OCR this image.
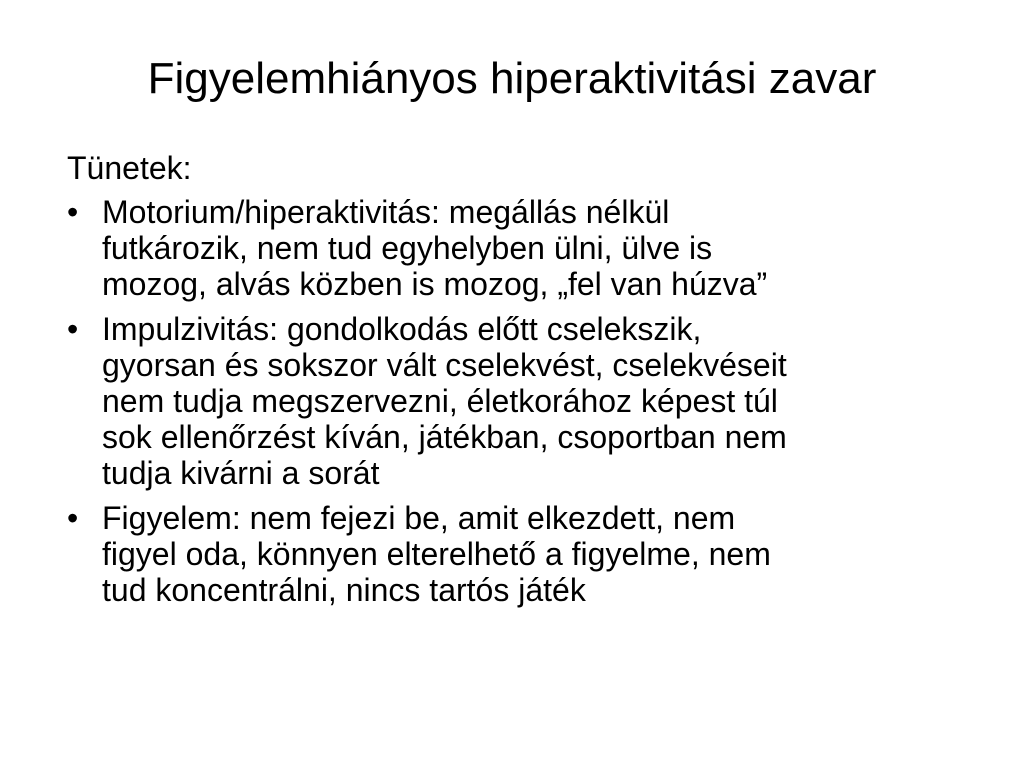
Figyelemhiányos hiperaktivitási zavar

Tünetek:

• Motorium/hiperaktivitás: megállás nélkül
futkározik, nem tud egyhelyben ülni, ülve is
mozog, alvás közben is mozog, „fel van húzva”
• Impulzivitás: gondolkodás előtt cselekszik,
gyorsan és sokszor vált cselekvést, cselekvéseit
nem tudja megszervezni, életkorához képest túl
sok ellenőrzést kíván, játékban, csoportban nem
tudja kivárni a sorát
• Figyelem: nem fejezi be, amit elkezdett, nem
figyel oda, könnyen elterelhető a figyelme, nem
tud koncentrálni, nincs tartós játék
